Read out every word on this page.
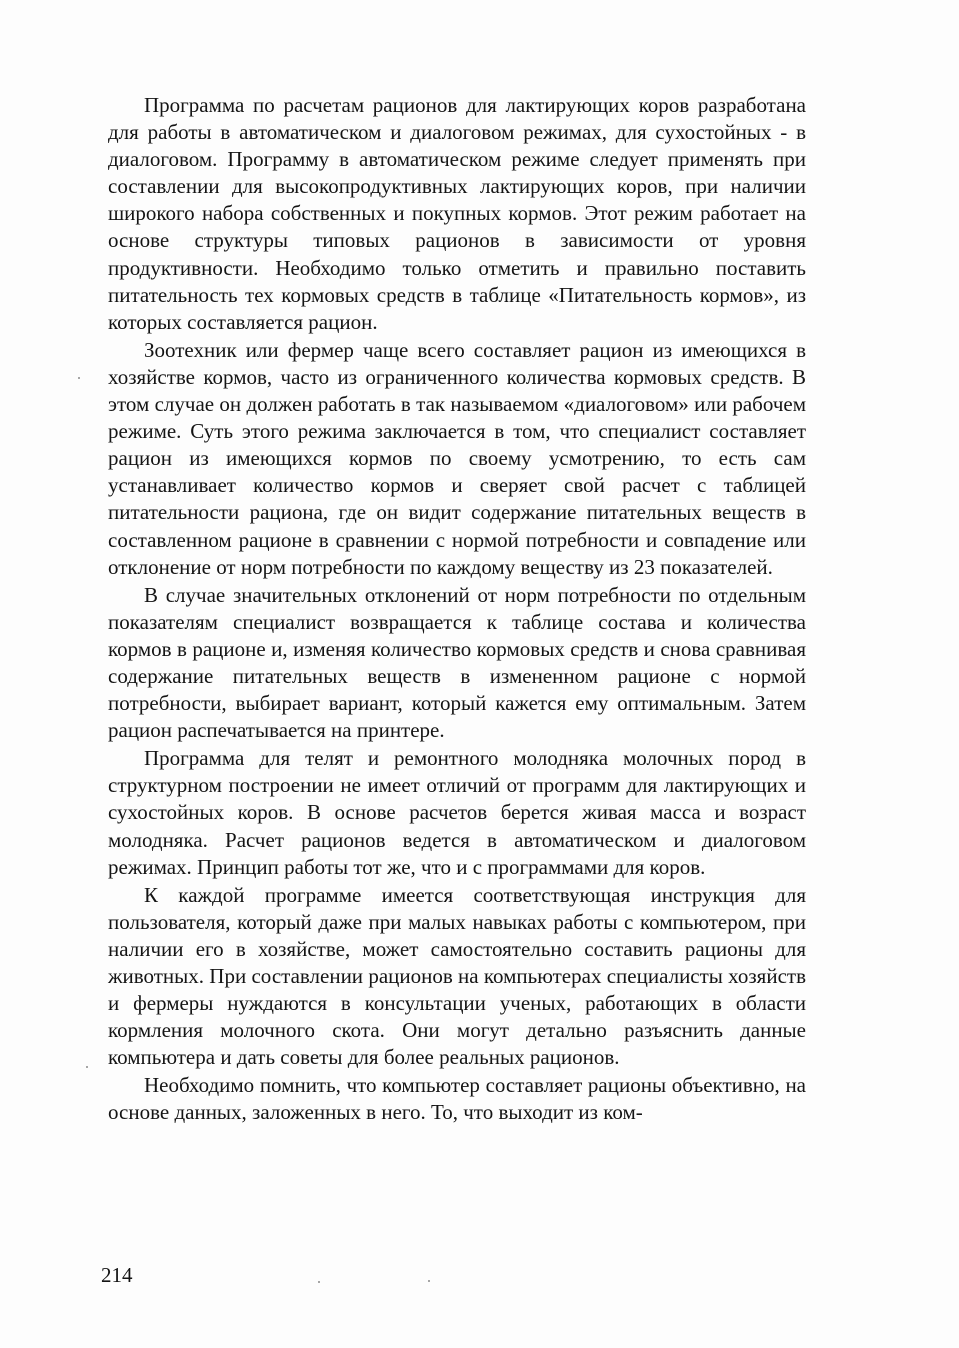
Программа по расчетам рационов для лактирующих коров разработана для работы в автоматическом и диалоговом режимах, для сухостойных - в диалоговом. Программу в автоматическом режиме следует применять при составлении для высокопродуктивных лактирующих коров, при наличии широкого набора собственных и покупных кормов. Этот режим работает на основе структуры типовых рационов в зависимости от уровня продуктивности. Необходимо только отметить и правильно поставить питательность тех кормовых средств в таблице «Питательность кормов», из которых составляется рацион.

Зоотехник или фермер чаще всего составляет рацион из имеющихся в хозяйстве кормов, часто из ограниченного количества кормовых средств. В этом случае он должен работать в так называемом «диалоговом» или рабочем режиме. Суть этого режима заключается в том, что специалист составляет рацион из имеющихся кормов по своему усмотрению, то есть сам устанавливает количество кормов и сверяет свой расчет с таблицей питательности рациона, где он видит содержание питательных веществ в составленном рационе в сравнении с нормой потребности и совпадение или отклонение от норм потребности по каждому веществу из 23 показателей.

В случае значительных отклонений от норм потребности по отдельным показателям специалист возвращается к таблице состава и количества кормов в рационе и, изменяя количество кормовых средств и снова сравнивая содержание питательных веществ в измененном рационе с нормой потребности, выбирает вариант, который кажется ему оптимальным. Затем рацион распечатывается на принтере.

Программа для телят и ремонтного молодняка молочных пород в структурном построении не имеет отличий от программ для лактирующих и сухостойных коров. В основе расчетов берется живая масса и возраст молодняка. Расчет рационов ведется в автоматическом и диалоговом режимах. Принцип работы тот же, что и с программами для коров.

К каждой программе имеется соответствующая инструкция для пользователя, который даже при малых навыках работы с компьютером, при наличии его в хозяйстве, может самостоятельно составить рационы для животных. При составлении рационов на компьютерах специалисты хозяйств и фермеры нуждаются в консультации ученых, работающих в области кормления молочного скота. Они могут детально разъяснить данные компьютера и дать советы для более реальных рационов.

Необходимо помнить, что компьютер составляет рационы объективно, на основе данных, заложенных в него. То, что выходит из ком-

214
